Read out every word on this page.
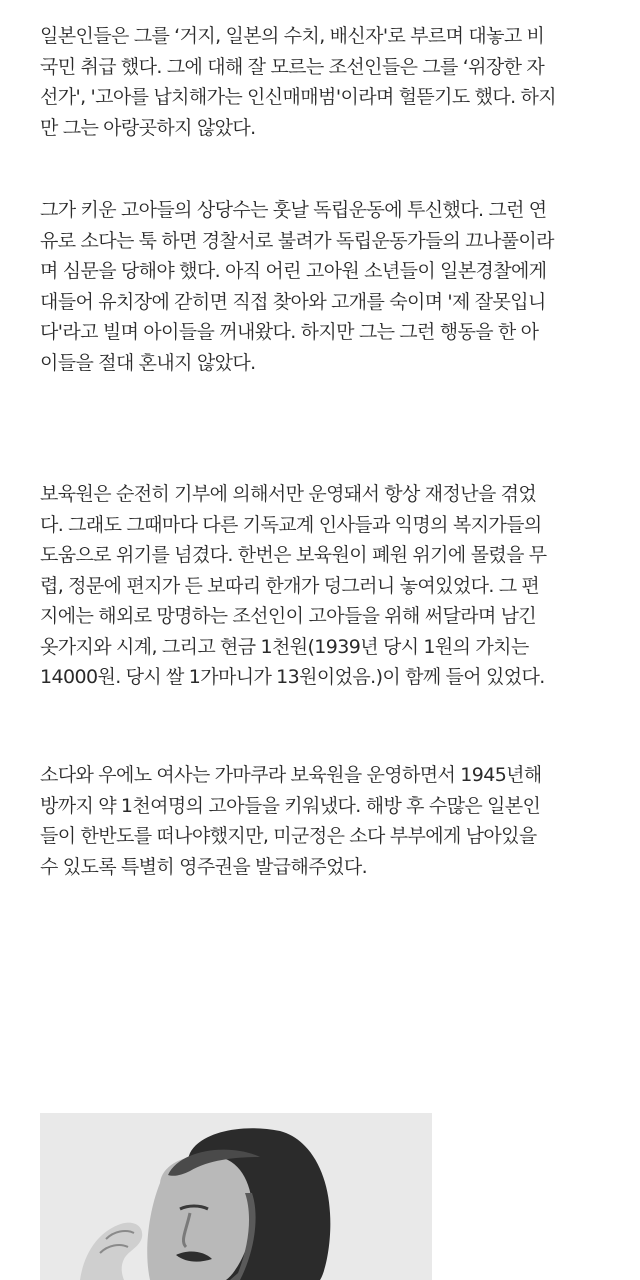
일본인들은 그를 ‘거지, 일본의 수치, 배신자'로 부르며 대놓고 비
국민 취급 했다. 그에 대해 잘 모르는 조선인들은 그를 ‘위장한 자
선가', '고아를 납치해가는 인신매매범'이라며 헐뜯기도 했다. 하지
만 그는 아랑곳하지 않았다.

그가 키운 고아들의 상당수는 훗날 독립운동에 투신했다. 그런 연
유로 소다는 툭 하면 경찰서로 불려가 독립운동가들의 끄나풀이라
며 심문을 당해야 했다. 아직 어린 고아원 소년들이 일본경찰에게
대들어 유치장에 갇히면 직접 찾아와 고개를 숙이며 '제 잘못입니
다'라고 빌며 아이들을 꺼내왔다. 하지만 그는 그런 행동을 한 아
이들을 절대 혼내지 않았다.

보육원은 순전히 기부에 의해서만 운영돼서 항상 재정난을 겪었
다. 그래도 그때마다 다른 기독교계 인사들과 익명의 복지가들의
도움으로 위기를 넘겼다. 한번은 보육원이 폐원 위기에 몰렸을 무
렵, 정문에 편지가 든 보따리 한개가 덩그러니 놓여있었다. 그 편
지에는 해외로 망명하는 조선인이 고아들을 위해 써달라며 남긴
옷가지와 시계, 그리고 현금 1천원(1939년 당시 1원의 가치는
14000원. 당시 쌀 1가마니가 13원이었음.)이 함께 들어 있었다.

소다와 우에노 여사는 가마쿠라 보육원을 운영하면서 1945년해
방까지 약 1천여명의 고아들을 키워냈다. 해방 후 수많은 일본인
들이 한반도를 떠나야했지만, 미군정은 소다 부부에게 남아있을
수 있도록 특별히 영주권을 발급해주었다.
